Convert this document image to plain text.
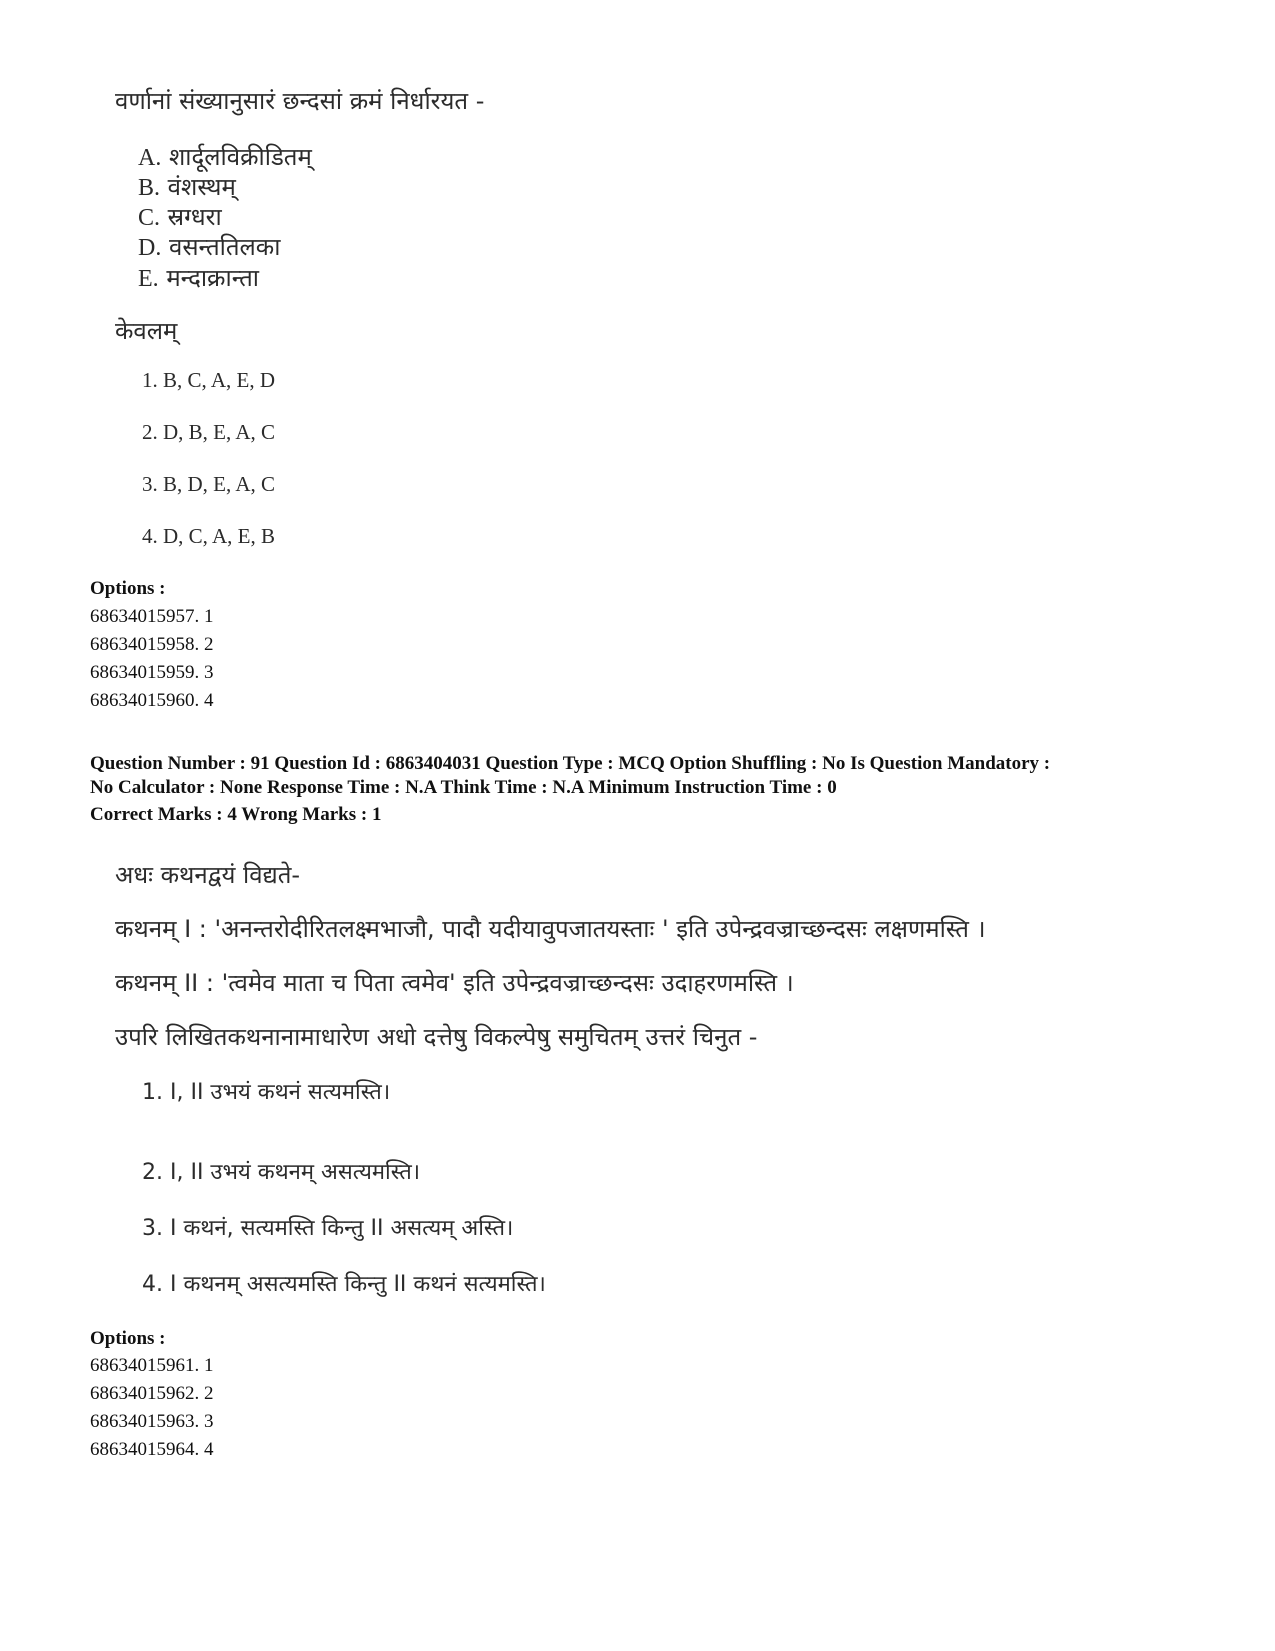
वर्णानां संख्यानुसारं छन्दसां क्रमं निर्धारयत -
A. शार्दूलविक्रीडितम्
B. वंशस्थम्
C. स्रग्धरा
D. वसन्ततिलका
E. मन्दाक्रान्ता
केवलम्
1. B, C, A, E, D
2. D, B, E, A, C
3. B, D, E, A, C
4. D, C, A, E, B
Options :
68634015957. 1
68634015958. 2
68634015959. 3
68634015960. 4
Question Number : 91 Question Id : 6863404031 Question Type : MCQ Option Shuffling : No Is Question Mandatory :
No Calculator : None Response Time : N.A Think Time : N.A Minimum Instruction Time : 0
Correct Marks : 4 Wrong Marks : 1
अधः कथनद्वयं विद्यते-
कथनम् I : 'अनन्तरोदीरितलक्ष्मभाजौ, पादौ यदीयावुपजातयस्ताः ' इति उपेन्द्रवज्राच्छन्दसः लक्षणमस्ति ।
कथनम् II : 'त्वमेव माता च पिता त्वमेव' इति उपेन्द्रवज्राच्छन्दसः उदाहरणमस्ति ।
उपरि लिखितकथनानामाधारेण अधो दत्तेषु विकल्पेषु समुचितम् उत्तरं चिनुत -
1. I, II उभयं कथनं सत्यमस्ति।
2. I, II उभयं कथनम् असत्यमस्ति।
3. I कथनं, सत्यमस्ति किन्तु II असत्यम् अस्ति।
4. I कथनम् असत्यमस्ति किन्तु II कथनं सत्यमस्ति।
Options :
68634015961. 1
68634015962. 2
68634015963. 3
68634015964. 4
